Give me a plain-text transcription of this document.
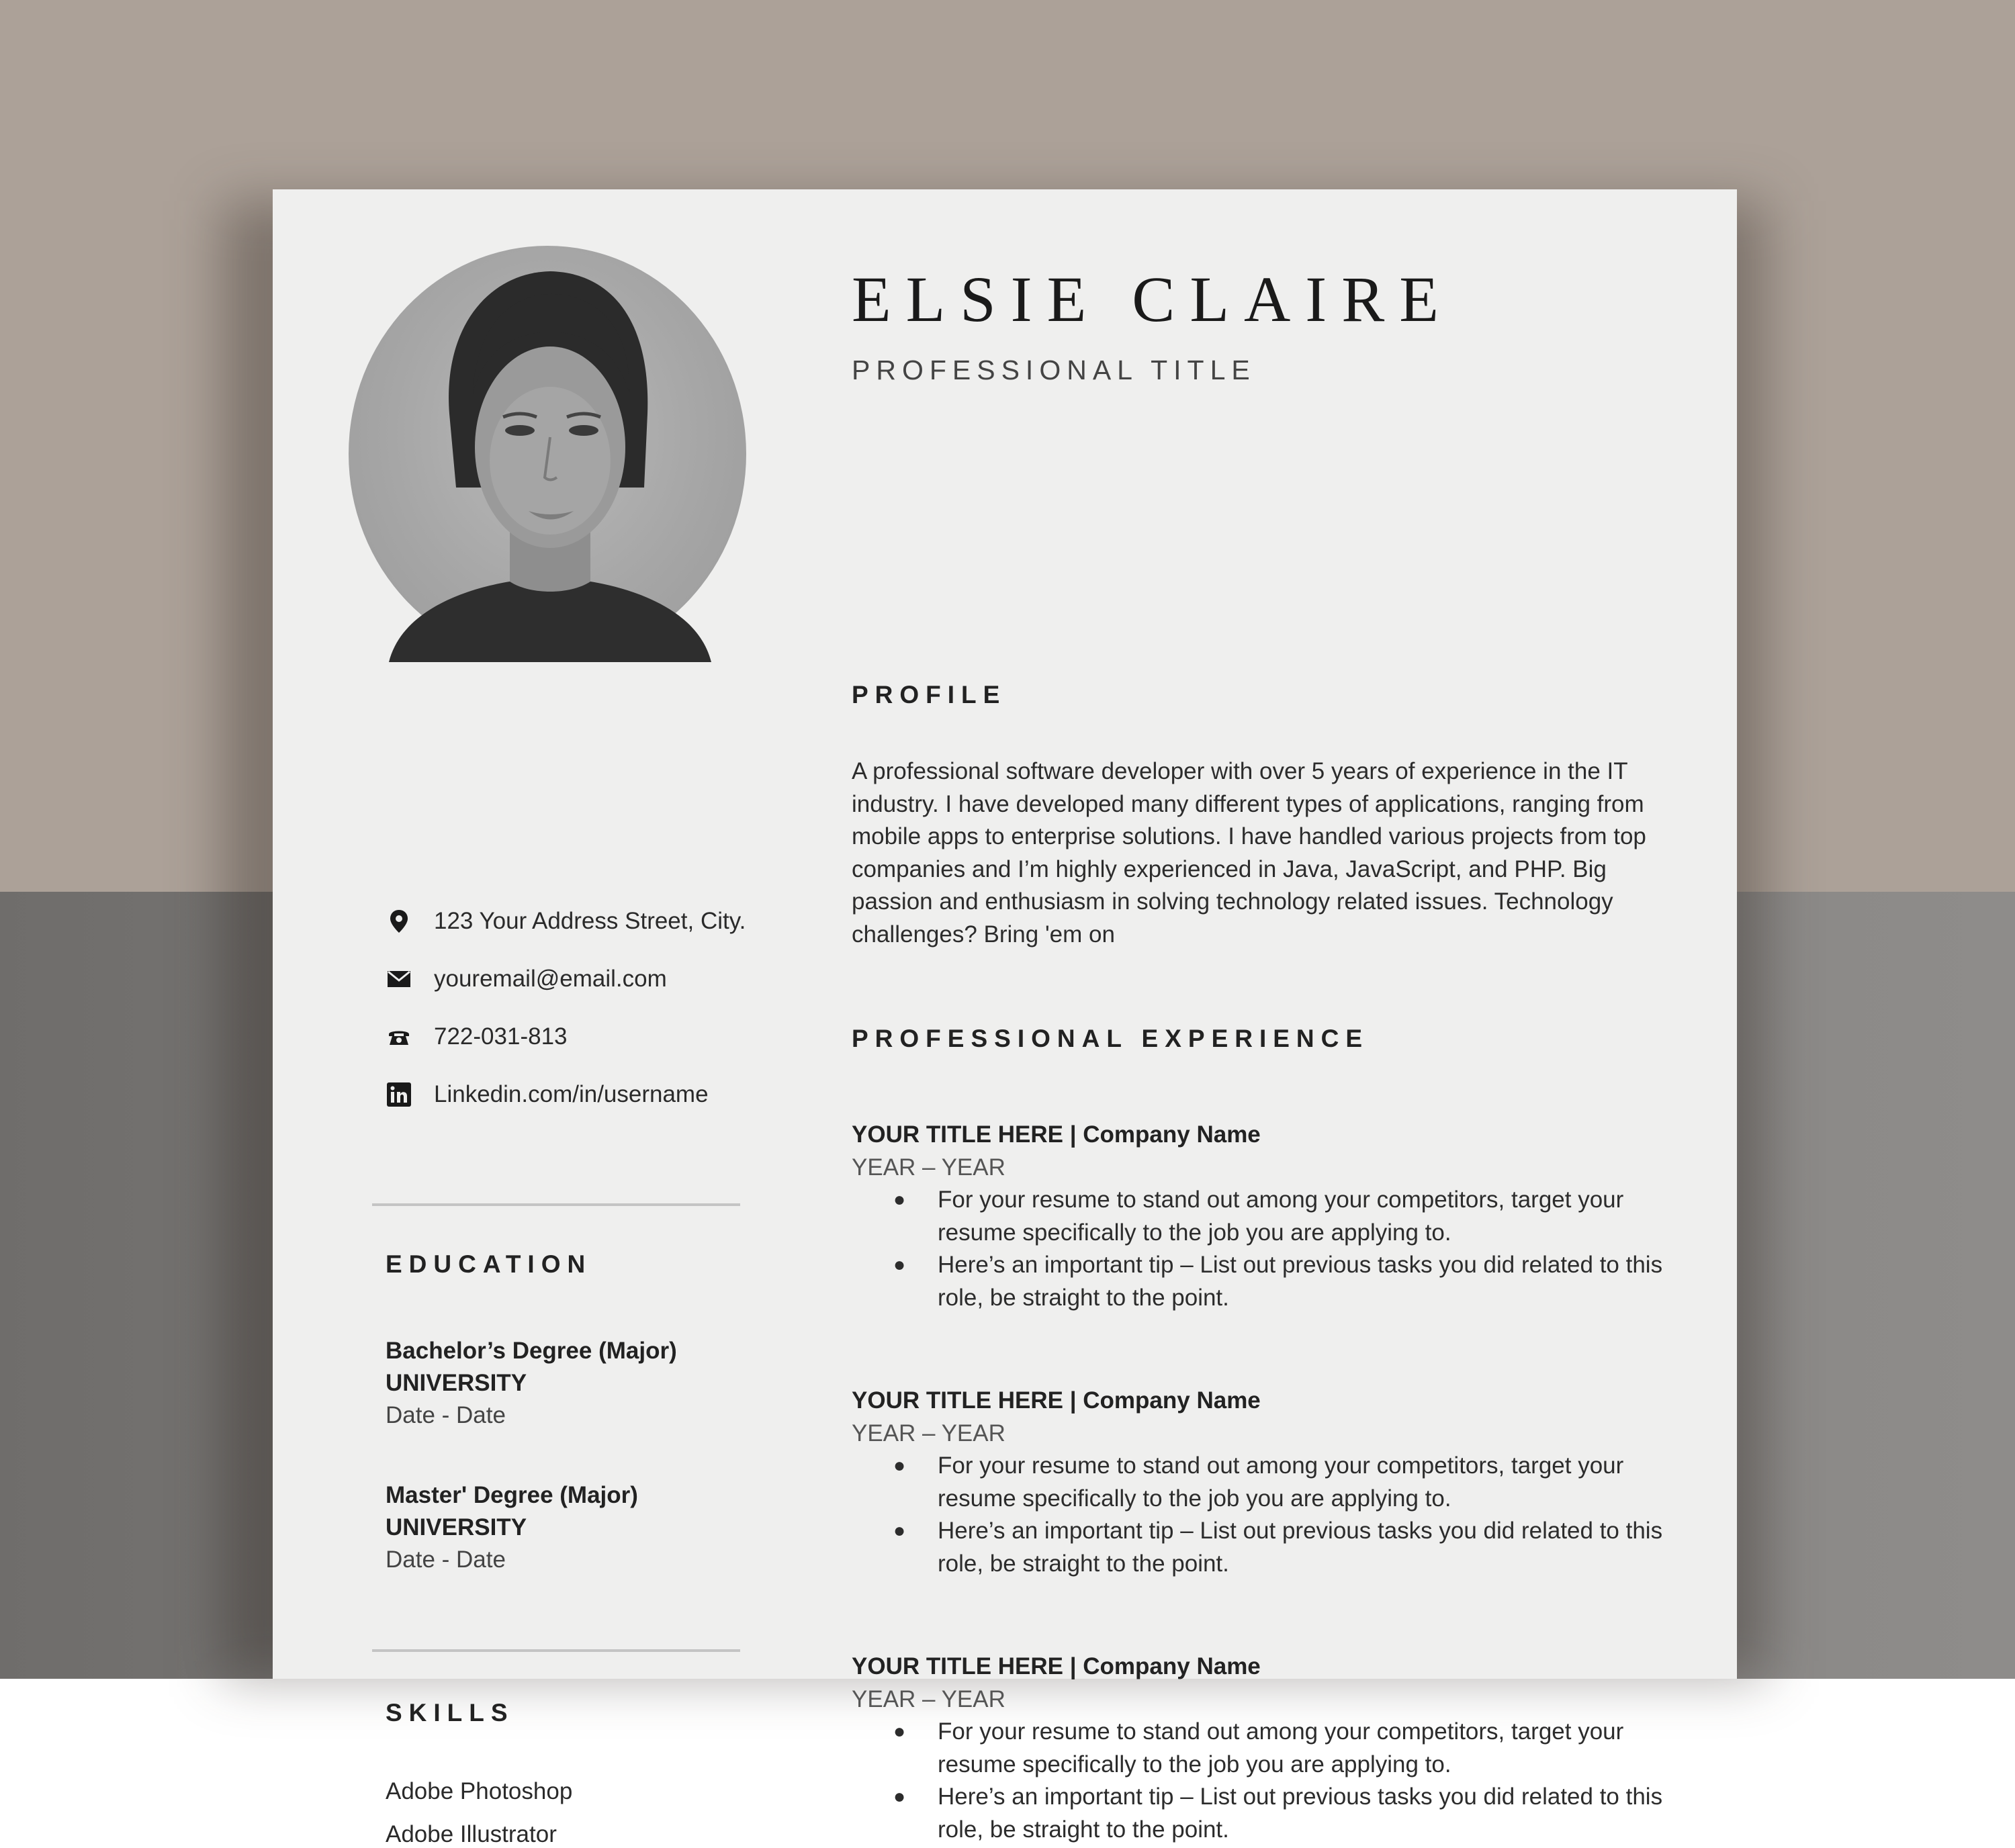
123 Your Address Street, City.
youremail@email.com
722-031-813
Linkedin.com/in/username
EDUCATION
Bachelor’s Degree (Major)
UNIVERSITY
Date - Date
Master' Degree (Major)
UNIVERSITY
Date - Date
SKILLS
Adobe Photoshop
Adobe Illustrator
ELSIE CLAIRE
PROFESSIONAL TITLE
PROFILE
A professional software developer with over 5 years of experience in the IT industry. I have developed many different types of applications, ranging from mobile apps to enterprise solutions. I have handled various projects from top companies and I’m highly experienced in Java, JavaScript, and PHP. Big passion and enthusiasm in solving technology related issues. Technology challenges? Bring 'em on
PROFESSIONAL EXPERIENCE
YOUR TITLE HERE | Company Name
YEAR – YEAR
● For your resume to stand out among your competitors, target your resume specifically to the job you are applying to.
● Here’s an important tip – List out previous tasks you did related to this role, be straight to the point.
YOUR TITLE HERE | Company Name
YEAR – YEAR
● For your resume to stand out among your competitors, target your resume specifically to the job you are applying to.
● Here’s an important tip – List out previous tasks you did related to this role, be straight to the point.
YOUR TITLE HERE | Company Name
YEAR – YEAR
● For your resume to stand out among your competitors, target your resume specifically to the job you are applying to.
● Here’s an important tip – List out previous tasks you did related to this role, be straight to the point.
